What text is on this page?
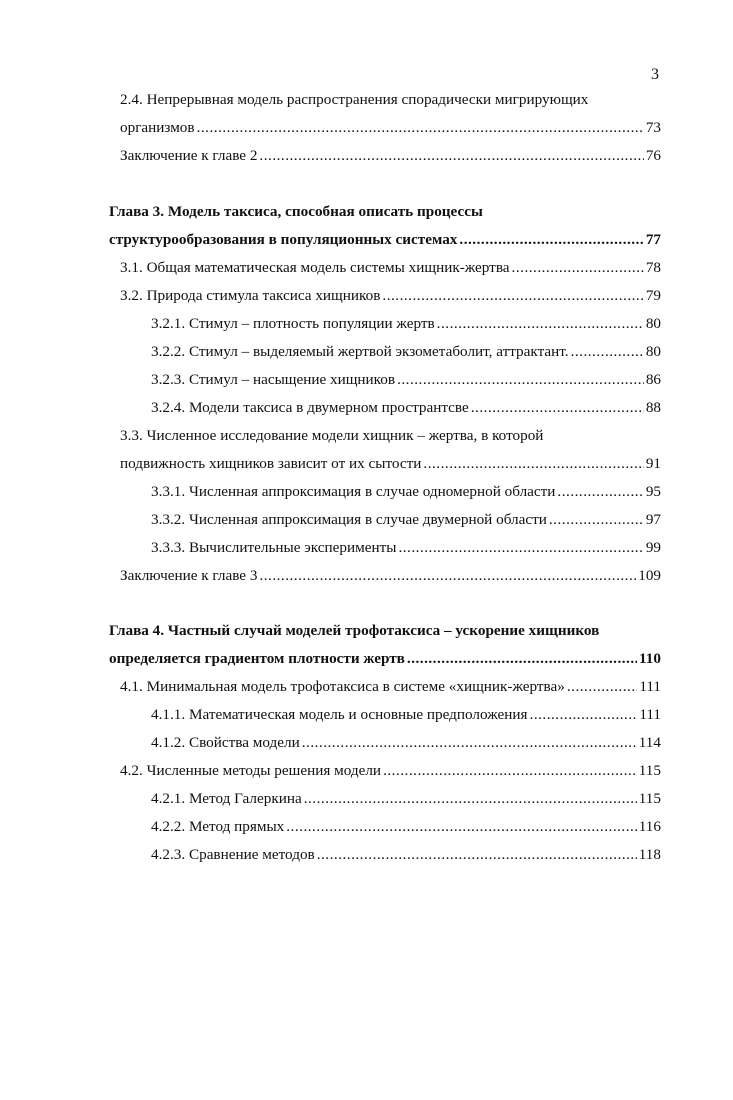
3
2.4. Непрерывная модель распространения спорадически мигрирующих
организмов .....	73
Заключение к главе 2 .....	76
Глава 3. Модель таксиса, способная описать процессы
структурообразования в популяционных системах .....	77
3.1. Общая математическая модель системы хищник-жертва .....	78
3.2. Природа стимула таксиса хищников .....	79
3.2.1. Стимул – плотность популяции жертв .....	80
3.2.2. Стимул – выделяемый жертвой экзометаболит, аттрактант. .....	80
3.2.3. Стимул – насыщение хищников .....	86
3.2.4. Модели таксиса в двумерном пространтсве .....	88
3.3. Численное исследование модели хищник – жертва, в которой
подвижность хищников зависит от их сытости .....	91
3.3.1. Численная аппроксимация в случае одномерной области .....	95
3.3.2. Численная аппроксимация в случае двумерной области .....	97
3.3.3. Вычислительные эксперименты .....	99
Заключение к главе 3 .....	109
Глава 4. Частный случай моделей трофотаксиса – ускорение хищников
определяется градиентом плотности жертв .....	110
4.1. Минимальная модель трофотаксиса в системе «хищник-жертва» .....	111
4.1.1. Математическая модель и основные предположения .....	111
4.1.2. Свойства модели .....	114
4.2. Численные методы решения модели .....	115
4.2.1. Метод Галеркина .....	115
4.2.2. Метод прямых .....	116
4.2.3. Сравнение методов .....	118
